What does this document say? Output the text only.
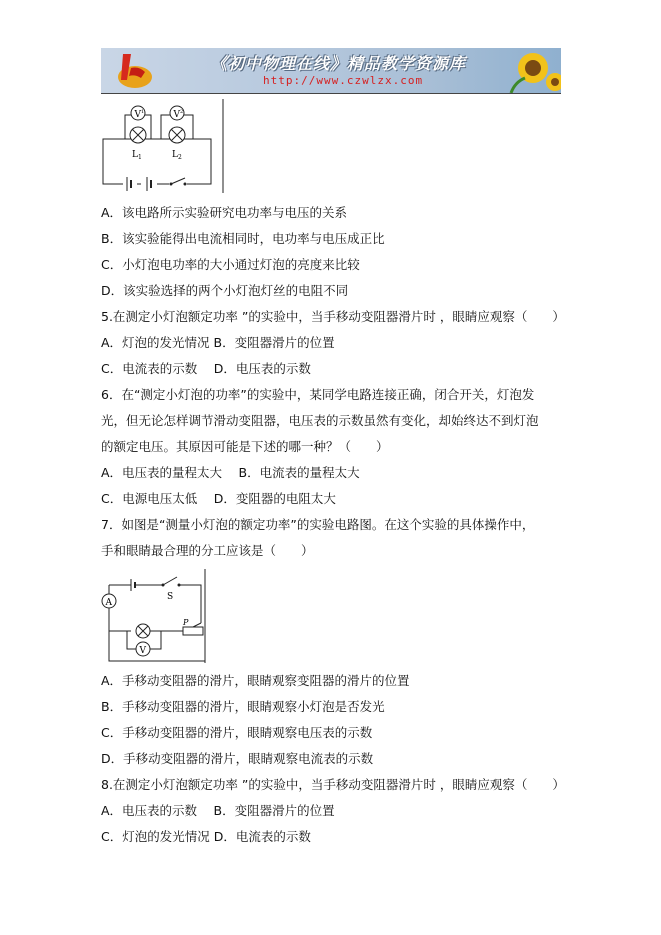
《初中物理在线》精品教学资源库
http://www.czwlzx.com
V 1	V 2
L 1	L 2
A．该电路所示实验研究电功率与电压的关系
B．该实验能得出电流相同时，电功率与电压成正比
C．小灯泡电功率的大小通过灯泡的亮度来比较
D．该实验选择的两个小灯泡灯丝的电阻不同
5.在测定小灯泡额定功率 ”的实验中，当手移动变阻器滑片时 ，眼睛应观察（　　）
A．灯泡的发光情况 B．变阻器滑片的位置
C．电流表的示数　 D．电压表的示数
6．在“测定小灯泡的功率”的实验中，某同学电路连接正确，闭合开关，灯泡发
光，但无论怎样调节滑动变阻器，电压表的示数虽然有变化，却始终达不到灯泡
的额定电压。其原因可能是下述的哪一种？（　　）
A．电压表的量程太大　 B．电流表的量程太大
C．电源电压太低　 D．变阻器的电阻太大
7．如图是“测量小灯泡的额定功率”的实验电路图。在这个实验的具体操作中，
手和眼睛最合理的分工应该是（　　）
S
A
V
P
A．手移动变阻器的滑片，眼睛观察变阻器的滑片的位置
B．手移动变阻器的滑片，眼睛观察小灯泡是否发光
C．手移动变阻器的滑片，眼睛观察电压表的示数
D．手移动变阻器的滑片，眼睛观察电流表的示数
8.在测定小灯泡额定功率 ”的实验中，当手移动变阻器滑片时 ，眼睛应观察（　　）
A．电压表的示数　 B．变阻器滑片的位置
C．灯泡的发光情况 D．电流表的示数
